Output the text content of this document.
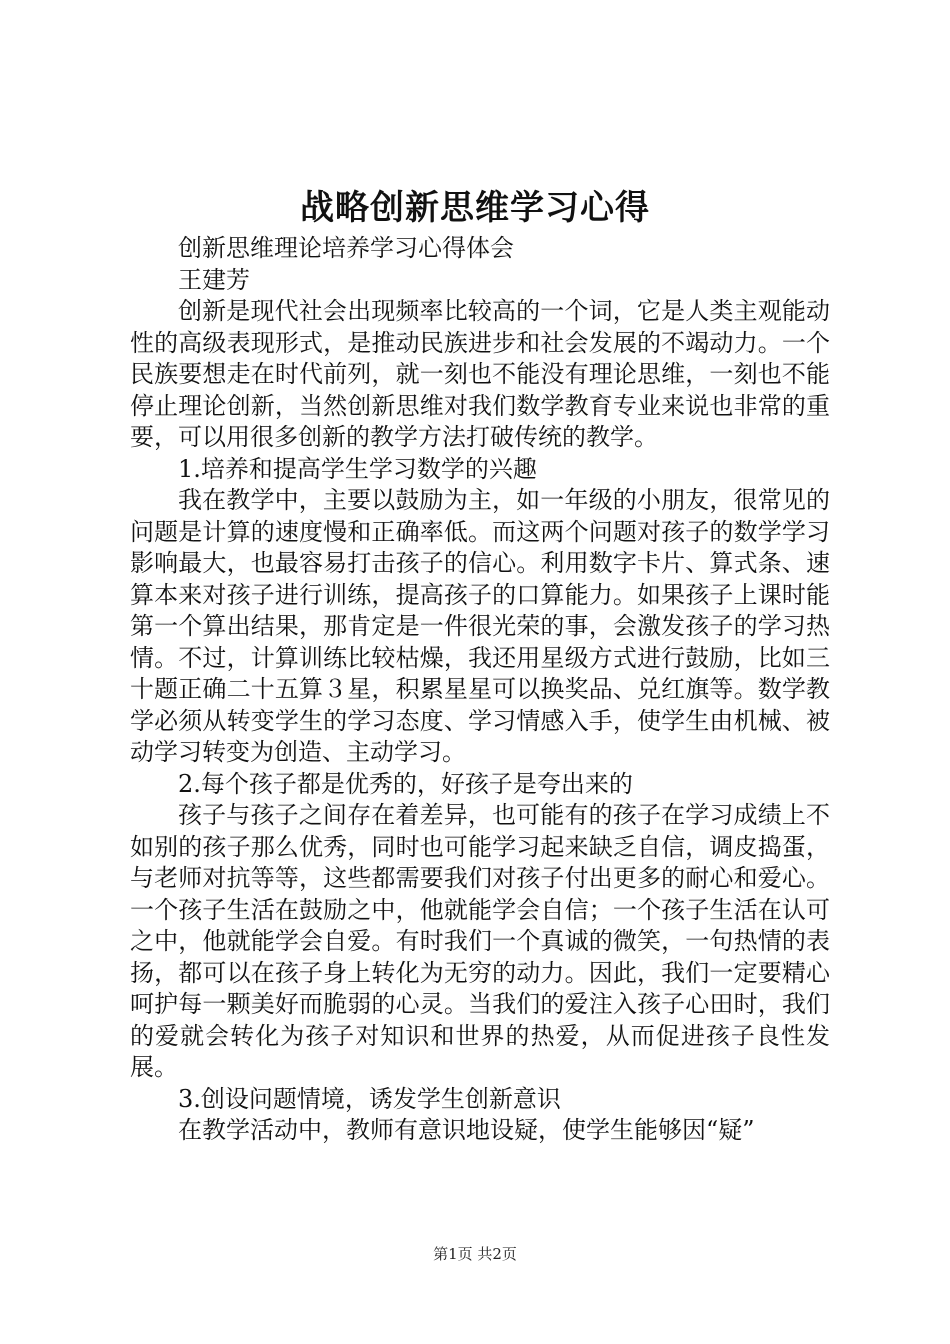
战略创新思维学习心得

创新思维理论培养学习心得体会

王建芳

创新是现代社会出现频率比较高的一个词，它是人类主观能动性的高级表现形式，是推动民族进步和社会发展的不竭动力。一个民族要想走在时代前列，就一刻也不能没有理论思维，一刻也不能停止理论创新，当然创新思维对我们数学教育专业来说也非常的重要，可以用很多创新的教学方法打破传统的教学。

1.培养和提高学生学习数学的兴趣

我在教学中，主要以鼓励为主，如一年级的小朋友，很常见的问题是计算的速度慢和正确率低。而这两个问题对孩子的数学学习影响最大，也最容易打击孩子的信心。利用数字卡片、算式条、速算本来对孩子进行训练，提高孩子的口算能力。如果孩子上课时能第一个算出结果，那肯定是一件很光荣的事，会激发孩子的学习热情。不过，计算训练比较枯燥，我还用星级方式进行鼓励，比如三十题正确二十五算３星，积累星星可以换奖品、兑红旗等。数学教学必须从转变学生的学习态度、学习情感入手，使学生由机械、被动学习转变为创造、主动学习。

2.每个孩子都是优秀的，好孩子是夸出来的

孩子与孩子之间存在着差异，也可能有的孩子在学习成绩上不如别的孩子那么优秀，同时也可能学习起来缺乏自信，调皮捣蛋，与老师对抗等等，这些都需要我们对孩子付出更多的耐心和爱心。一个孩子生活在鼓励之中，他就能学会自信；一个孩子生活在认可之中，他就能学会自爱。有时我们一个真诚的微笑，一句热情的表扬，都可以在孩子身上转化为无穷的动力。因此，我们一定要精心呵护每一颗美好而脆弱的心灵。当我们的爱注入孩子心田时，我们的爱就会转化为孩子对知识和世界的热爱，从而促进孩子良性发展。

3.创设问题情境，诱发学生创新意识

在教学活动中，教师有意识地设疑，使学生能够因“疑”

第1页 共2页
